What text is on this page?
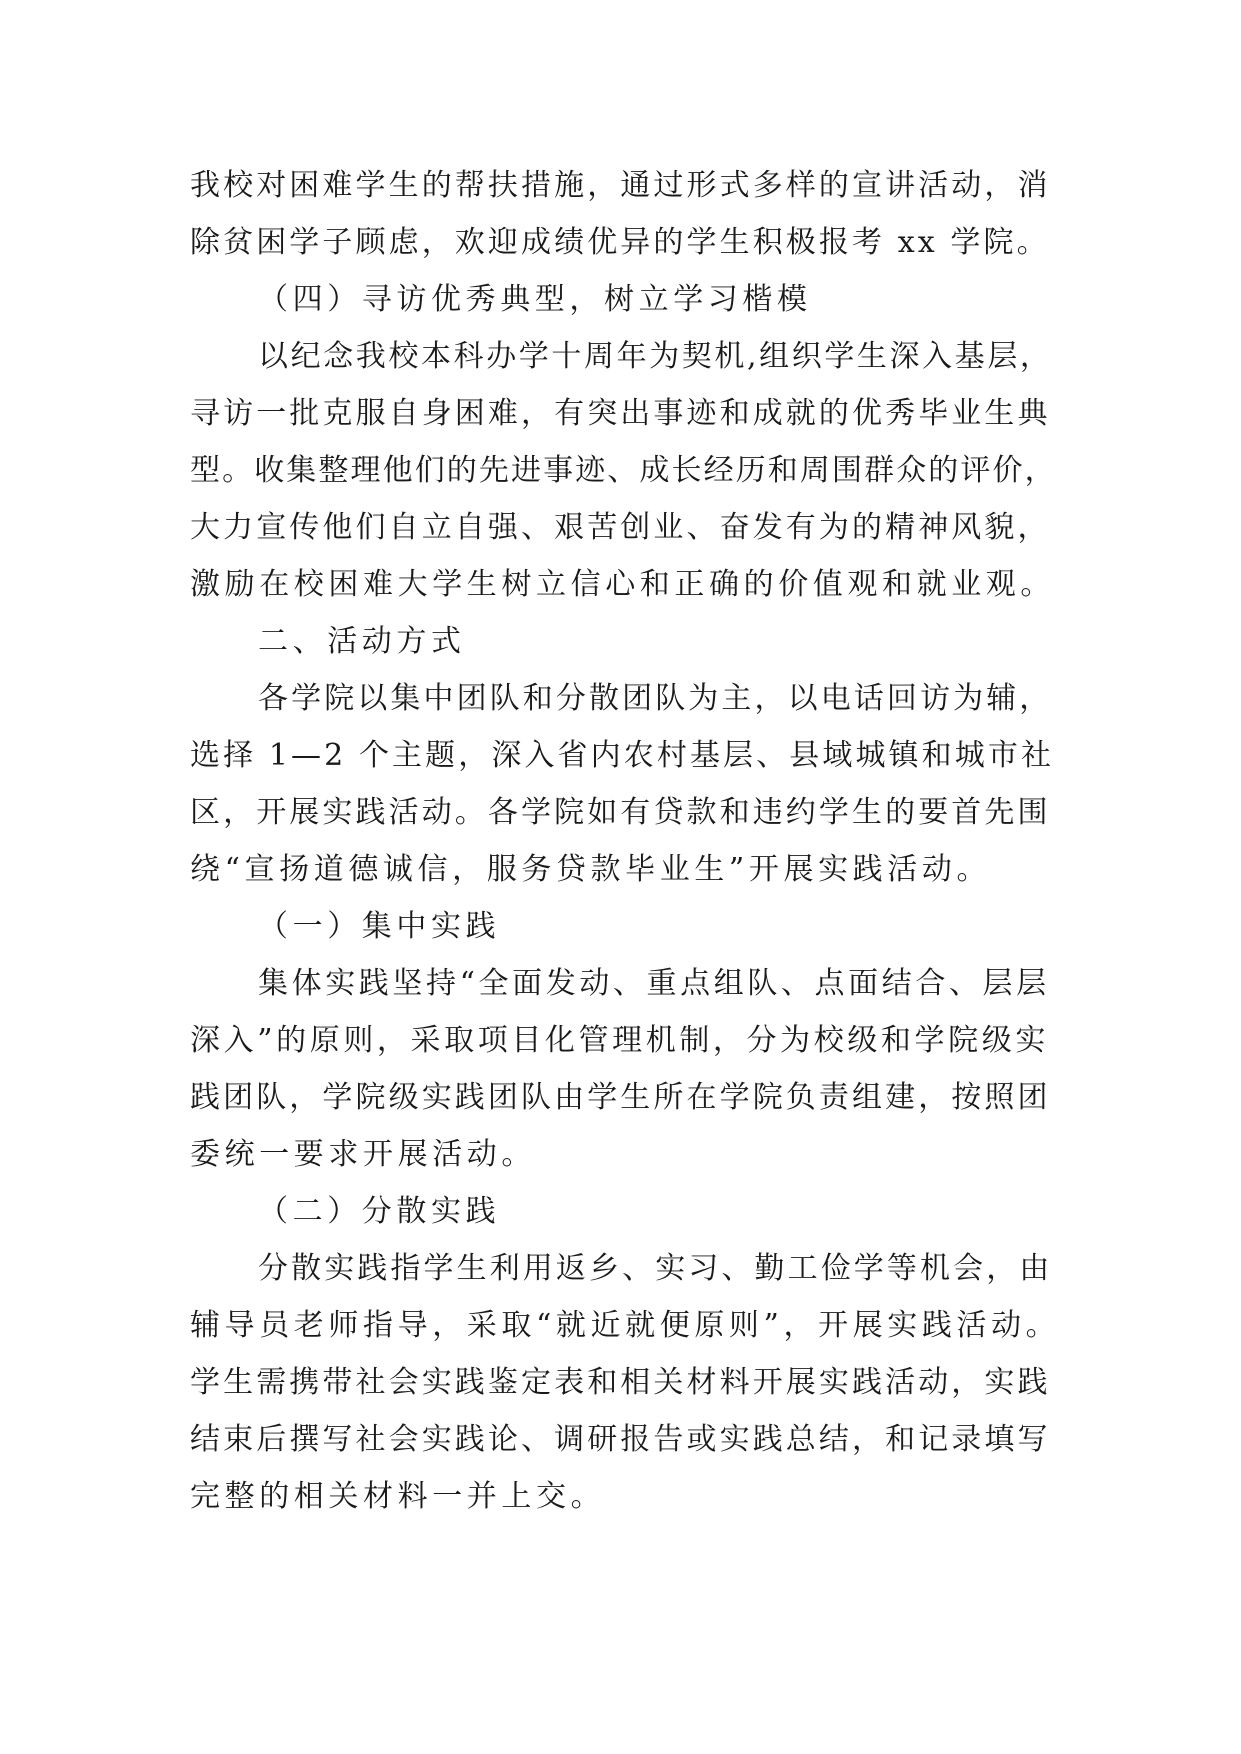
我校对困难学生的帮扶措施，通过形式多样的宣讲活动，消
除贫困学子顾虑，欢迎成绩优异的学生积极报考 xx 学院。
（四）寻访优秀典型，树立学习楷模
以纪念我校本科办学十周年为契机,组织学生深入基层，
寻访一批克服自身困难，有突出事迹和成就的优秀毕业生典
型。收集整理他们的先进事迹、成长经历和周围群众的评价，
大力宣传他们自立自强、艰苦创业、奋发有为的精神风貌，
激励在校困难大学生树立信心和正确的价值观和就业观。
二、活动方式
各学院以集中团队和分散团队为主，以电话回访为辅，
选择 1—2 个主题，深入省内农村基层、县域城镇和城市社
区，开展实践活动。各学院如有贷款和违约学生的要首先围
绕“宣扬道德诚信，服务贷款毕业生”开展实践活动。
（一）集中实践
集体实践坚持“全面发动、重点组队、点面结合、层层
深入”的原则，采取项目化管理机制，分为校级和学院级实
践团队，学院级实践团队由学生所在学院负责组建，按照团
委统一要求开展活动。
（二）分散实践
分散实践指学生利用返乡、实习、勤工俭学等机会，由
辅导员老师指导，采取“就近就便原则”，开展实践活动。
学生需携带社会实践鉴定表和相关材料开展实践活动，实践
结束后撰写社会实践论、调研报告或实践总结，和记录填写
完整的相关材料一并上交。
